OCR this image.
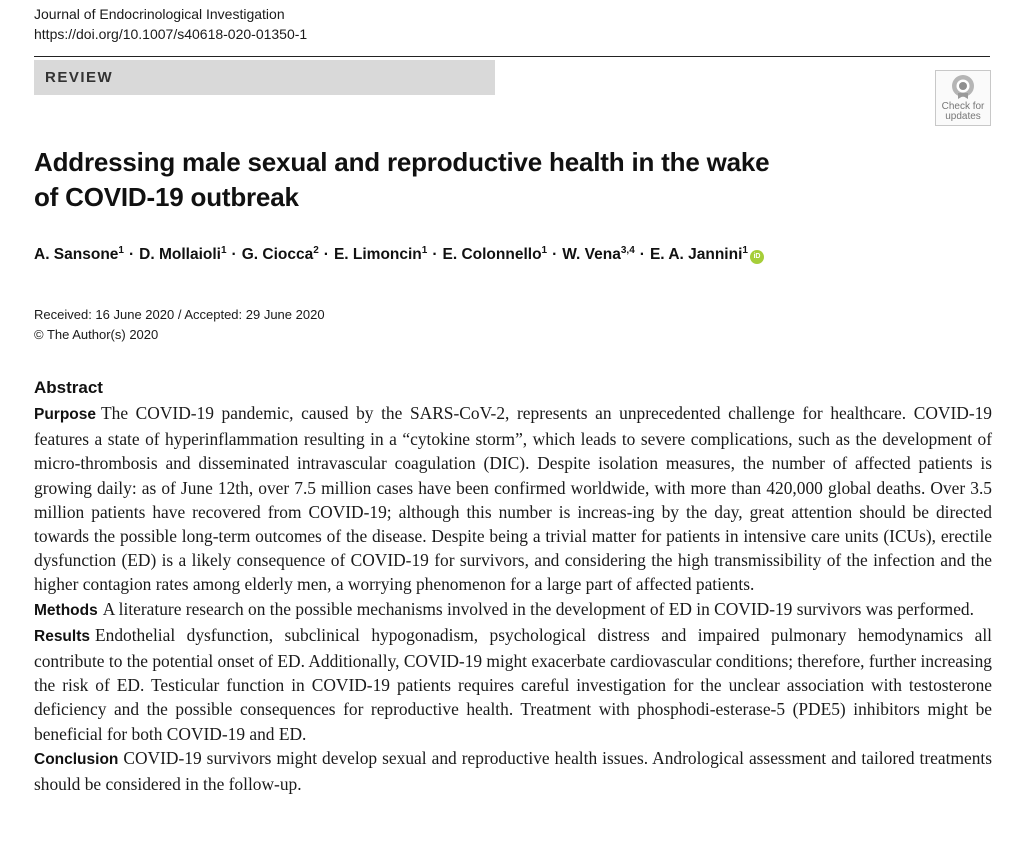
Journal of Endocrinological Investigation
https://doi.org/10.1007/s40618-020-01350-1
REVIEW
Check for
updates
Addressing male sexual and reproductive health in the wake
of COVID-19 outbreak
A. Sansone$^1$ · D. Mollaioli$^1$ · G. Ciocca$^2$ · E. Limoncin$^1$ · E. Colonnello$^1$ · W. Vena$^{3,4}$ · E. A. Jannini$^1$iD
Received: 16 June 2020 / Accepted: 29 June 2020
© The Author(s) 2020
Abstract

Purpose The COVID-19 pandemic, caused by the SARS-CoV-2, represents an unprecedented challenge for healthcare. COVID-19 features a state of hyperinflammation resulting in a “cytokine storm”, which leads to severe complications, such as the development of micro-thrombosis and disseminated intravascular coagulation (DIC). Despite isolation measures, the number of affected patients is growing daily: as of June 12th, over 7.5 million cases have been confirmed worldwide, with more than 420,000 global deaths. Over 3.5 million patients have recovered from COVID-19; although this number is increas-ing by the day, great attention should be directed towards the possible long-term outcomes of the disease. Despite being a trivial matter for patients in intensive care units (ICUs), erectile dysfunction (ED) is a likely consequence of COVID-19 for survivors, and considering the high transmissibility of the infection and the higher contagion rates among elderly men, a worrying phenomenon for a large part of affected patients.

Methods A literature research on the possible mechanisms involved in the development of ED in COVID-19 survivors was performed.

Results Endothelial dysfunction, subclinical hypogonadism, psychological distress and impaired pulmonary hemodynamics all contribute to the potential onset of ED. Additionally, COVID-19 might exacerbate cardiovascular conditions; therefore, further increasing the risk of ED. Testicular function in COVID-19 patients requires careful investigation for the unclear association with testosterone deficiency and the possible consequences for reproductive health. Treatment with phosphodi-esterase-5 (PDE5) inhibitors might be beneficial for both COVID-19 and ED.

Conclusion COVID-19 survivors might develop sexual and reproductive health issues. Andrological assessment and tailored treatments should be considered in the follow-up.
